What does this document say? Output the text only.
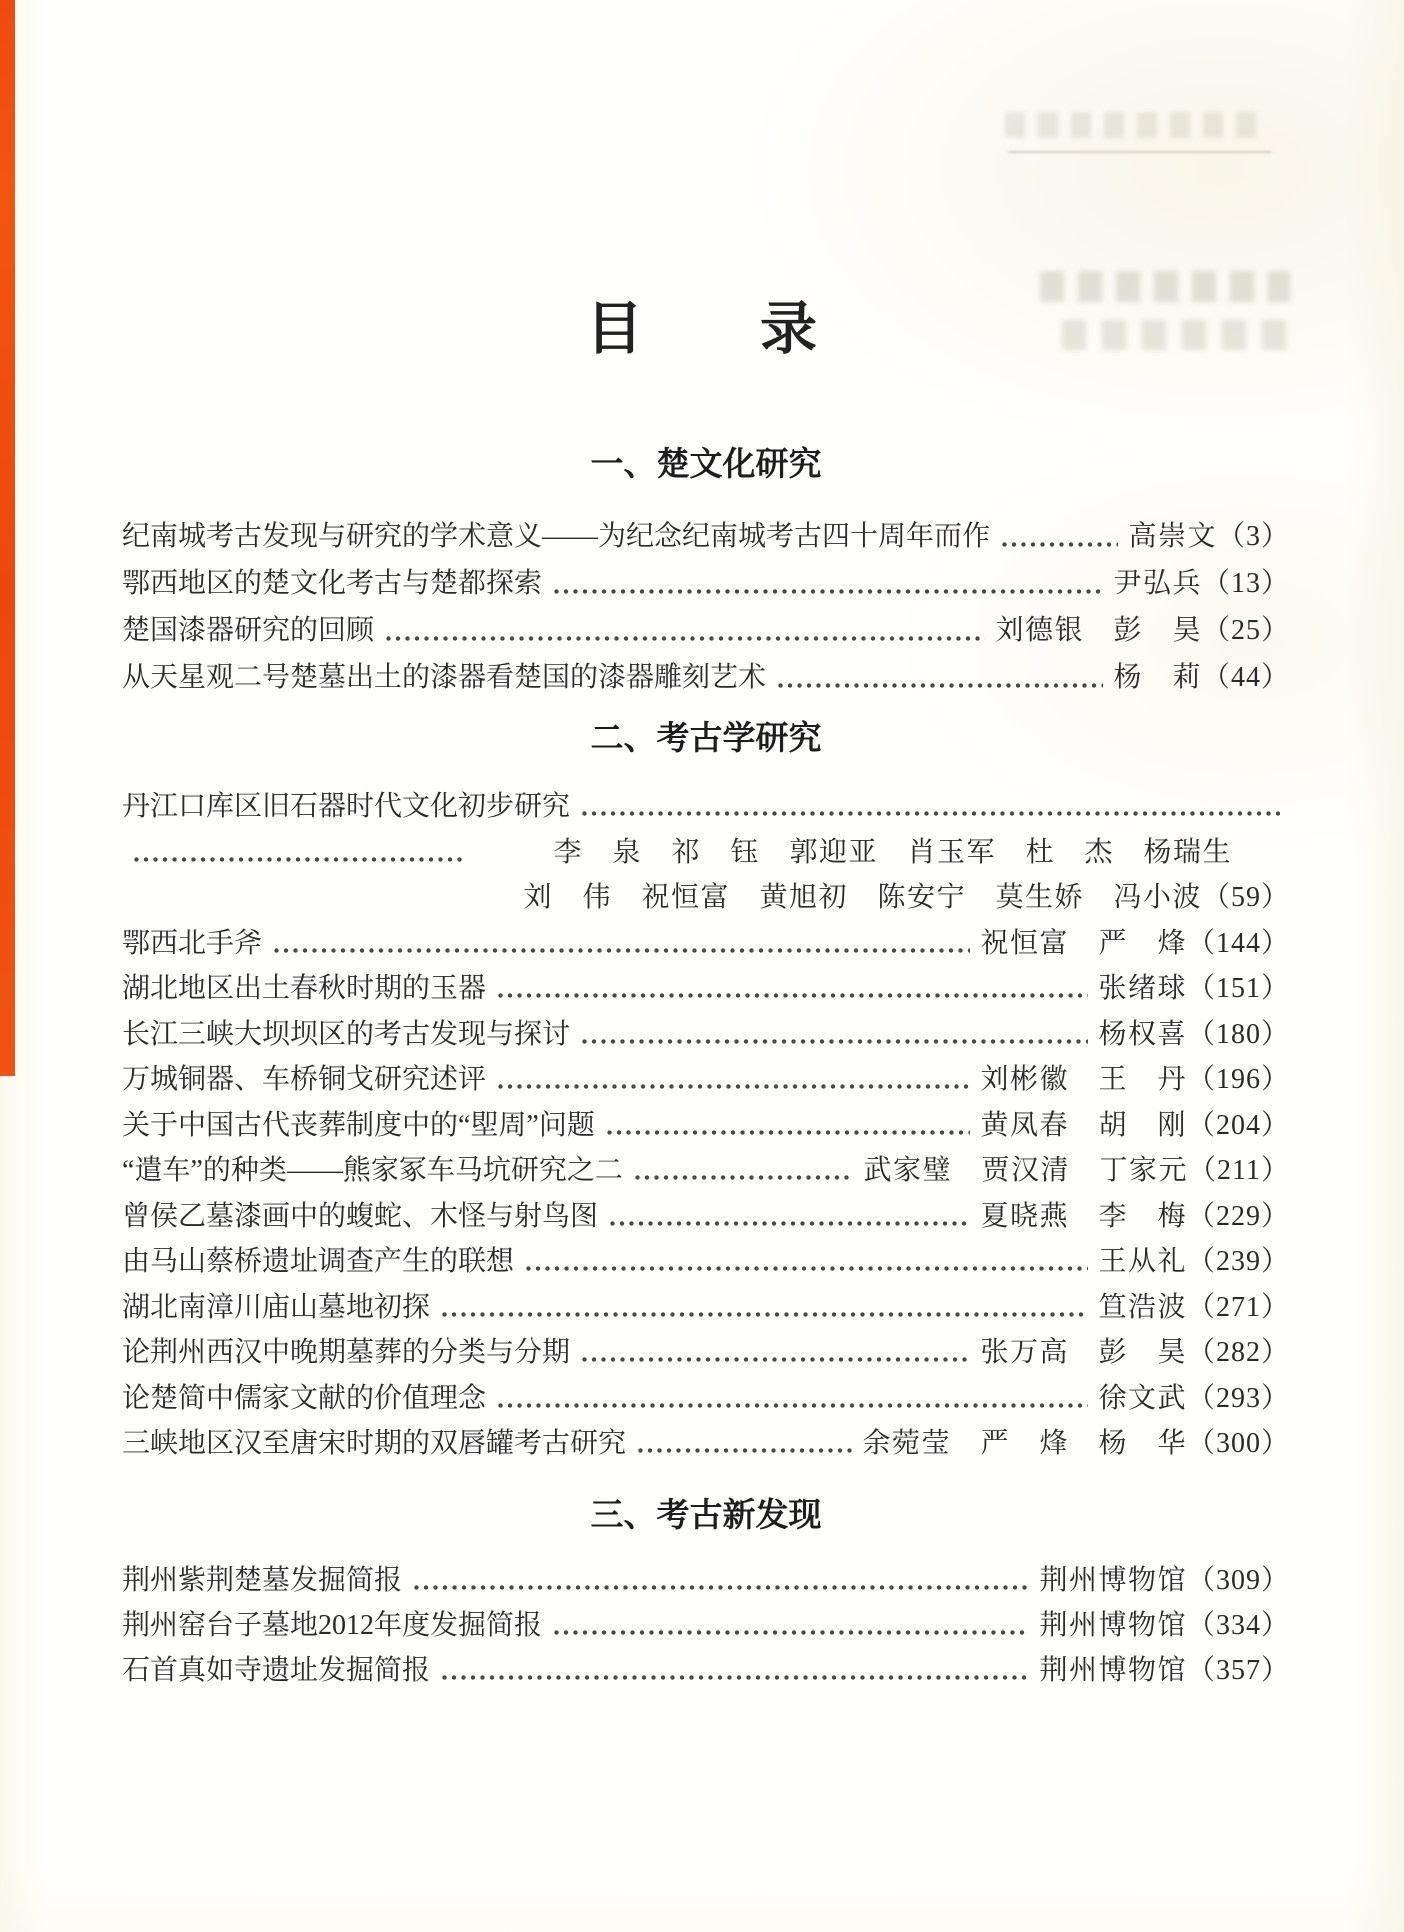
目　　录
一、楚文化研究
纪南城考古发现与研究的学术意义——为纪念纪南城考古四十周年而作	高崇文 （3）
鄂西地区的楚文化考古与楚都探索	尹弘兵 （13）
楚国漆器研究的回顾	刘德银　彭　昊 （25）
从天星观二号楚墓出土的漆器看楚国的漆器雕刻艺术	杨　莉 （44）
二、考古学研究
丹江口库区旧石器时代文化初步研究
李　泉　祁　钰　郭迎亚　肖玉军　杜　杰　杨瑞生
刘　伟　祝恒富　黄旭初　陈安宁　莫生娇　冯小波 （59）
鄂西北手斧	祝恒富　严　烽 （144）
湖北地区出土春秋时期的玉器	张绪球 （151）
长江三峡大坝坝区的考古发现与探讨	杨权喜 （180）
万城铜器、车桥铜戈研究述评	刘彬徽　王　丹 （196）
关于中国古代丧葬制度中的“堲周”问题	黄凤春　胡　刚 （204）
“遣车”的种类——熊家冢车马坑研究之二	武家璧　贾汉清　丁家元 （211）
曾侯乙墓漆画中的蝮蛇、木怪与射鸟图	夏晓燕　李　梅 （229）
由马山蔡桥遗址调查产生的联想	王从礼 （239）
湖北南漳川庙山墓地初探	笪浩波 （271）
论荆州西汉中晚期墓葬的分类与分期	张万高　彭　昊 （282）
论楚简中儒家文献的价值理念	徐文武 （293）
三峡地区汉至唐宋时期的双唇罐考古研究	余菀莹　严　烽　杨　华 （300）
三、考古新发现
荆州紫荆楚墓发掘简报	荆州博物馆 （309）
荆州窑台子墓地2012年度发掘简报	荆州博物馆 （334）
石首真如寺遗址发掘简报	荆州博物馆 （357）
